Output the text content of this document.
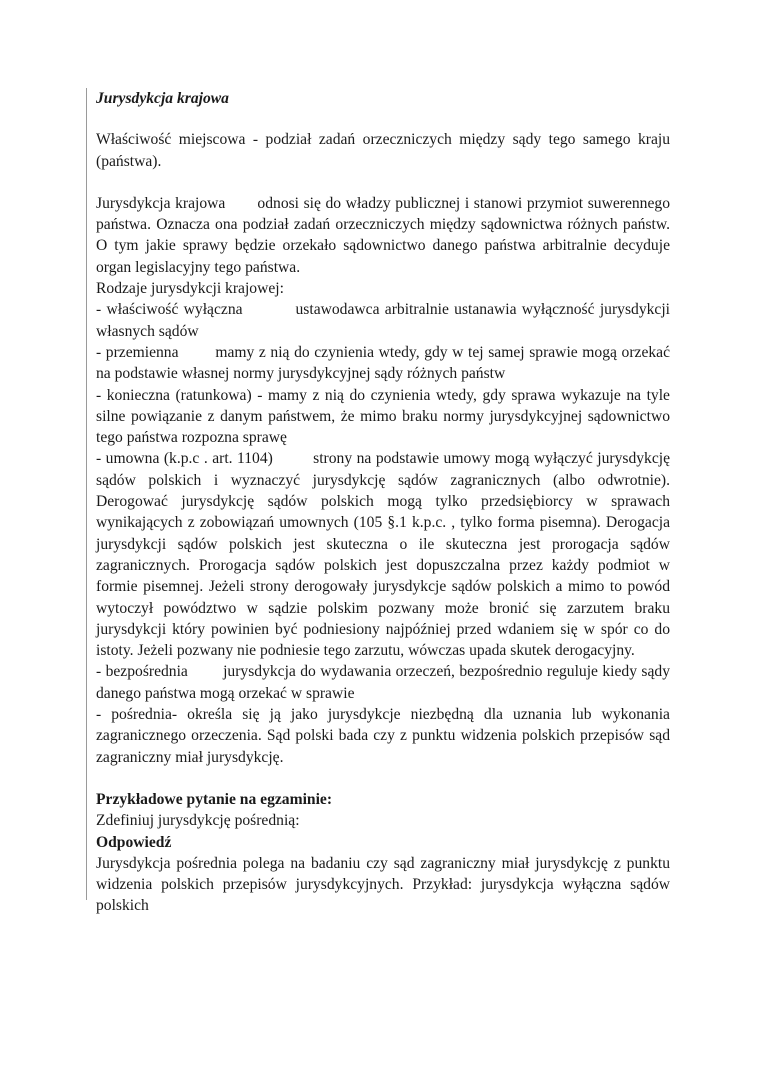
Jurysdykcja krajowa

Właściwość miejscowa - podział zadań orzeczniczych między sądy tego samego kraju (państwa).

Jurysdykcja krajowa odnosi się do władzy publicznej i stanowi przymiot suwerennego państwa. Oznacza ona podział zadań orzeczniczych między sądownictwa różnych państw. O tym jakie sprawy będzie orzekało sądownictwo danego państwa arbitralnie decyduje organ legislacyjny tego państwa.

Rodzaje jurysdykcji krajowej:

- właściwość wyłączna	ustawodawca arbitralnie ustanawia wyłączność jurysdykcji własnych sądów

- przemienna mamy z nią do czynienia wtedy, gdy w tej samej sprawie mogą orzekać na podstawie własnej normy jurysdykcyjnej sądy różnych państw

- konieczna (ratunkowa) - mamy z nią do czynienia wtedy, gdy sprawa wykazuje na tyle silne powiązanie z danym państwem, że mimo braku normy jurysdykcyjnej sądownictwo tego państwa rozpozna sprawę

- umowna (k.p.c . art. 1104)	strony na podstawie umowy mogą wyłączyć jurysdykcję sądów polskich i wyznaczyć jurysdykcję sądów zagranicznych (albo odwrotnie). Derogować jurysdykcję sądów polskich mogą tylko przedsiębiorcy w sprawach wynikających z zobowiązań umownych (105 §.1 k.p.c. , tylko forma pisemna). Derogacja jurysdykcji sądów polskich jest skuteczna o ile skuteczna jest prorogacja sądów zagranicznych. Prorogacja sądów polskich jest dopuszczalna przez każdy podmiot w formie pisemnej. Jeżeli strony derogowały jurysdykcje sądów polskich a mimo to powód wytoczył powództwo w sądzie polskim pozwany może bronić się zarzutem braku jurysdykcji który powinien być podniesiony najpóźniej przed wdaniem się w spór co do istoty. Jeżeli pozwany nie podniesie tego zarzutu, wówczas upada skutek derogacyjny.

- bezpośrednia jurysdykcja do wydawania orzeczeń, bezpośrednio reguluje kiedy sądy danego państwa mogą orzekać w sprawie

- pośrednia- określa się ją jako jurysdykcje niezbędną dla uznania lub wykonania zagranicznego orzeczenia. Sąd polski bada czy z punktu widzenia polskich przepisów sąd zagraniczny miał jurysdykcję.

Przykładowe pytanie na egzaminie:

Zdefiniuj jurysdykcję pośrednią:

Odpowiedź

Jurysdykcja pośrednia polega na badaniu czy sąd zagraniczny miał jurysdykcję z punktu widzenia polskich przepisów jurysdykcyjnych. Przykład: jurysdykcja wyłączna sądów polskich
